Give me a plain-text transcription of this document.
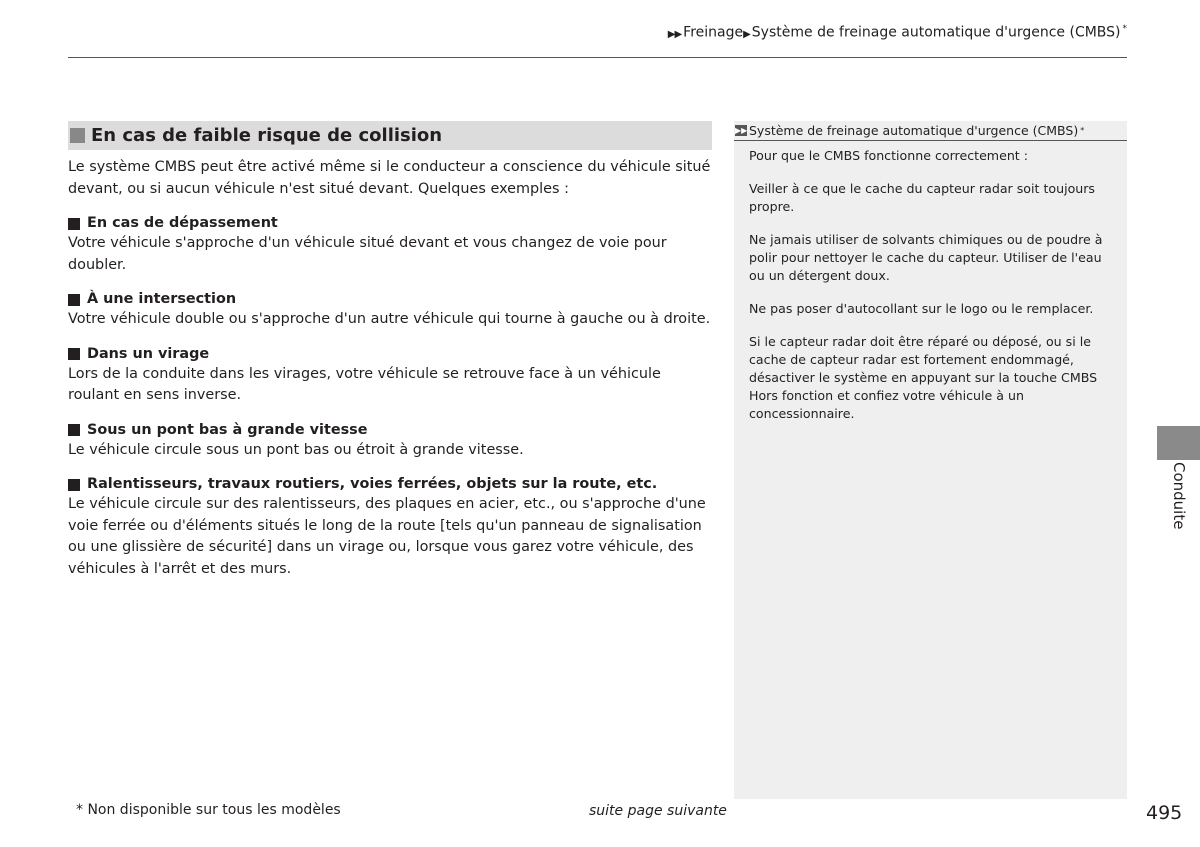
▶▶ Freinage▶ Système de freinage automatique d'urgence (CMBS) *
En cas de faible risque de collision

Le système CMBS peut être activé même si le conducteur a conscience du véhicule situé devant, ou si aucun véhicule n'est situé devant. Quelques exemples :

En cas de dépassement

Votre véhicule s'approche d'un véhicule situé devant et vous changez de voie pour doubler.

À une intersection

Votre véhicule double ou s'approche d'un autre véhicule qui tourne à gauche ou à droite.

Dans un virage

Lors de la conduite dans les virages, votre véhicule se retrouve face à un véhicule roulant en sens inverse.

Sous un pont bas à grande vitesse

Le véhicule circule sous un pont bas ou étroit à grande vitesse.

Ralentisseurs, travaux routiers, voies ferrées, objets sur la route, etc.

Le véhicule circule sur des ralentisseurs, des plaques en acier, etc., ou s'approche d'une voie ferrée ou d'éléments situés le long de la route [tels qu'un panneau de signalisation ou une glissière de sécurité] dans un virage ou, lorsque vous garez votre véhicule, des véhicules à l'arrêt et des murs.

▶▶ Système de freinage automatique d'urgence (CMBS) *

Pour que le CMBS fonctionne correctement :

Veiller à ce que le cache du capteur radar soit toujours propre.

Ne jamais utiliser de solvants chimiques ou de poudre à polir pour nettoyer le cache du capteur. Utiliser de l'eau ou un détergent doux.

Ne pas poser d'autocollant sur le logo ou le remplacer.

Si le capteur radar doit être réparé ou déposé, ou si le cache de capteur radar est fortement endommagé, désactiver le système en appuyant sur la touche CMBS Hors fonction et confiez votre véhicule à un concessionnaire.

Conduite
* Non disponible sur tous les modèles	suite page suivante	495
